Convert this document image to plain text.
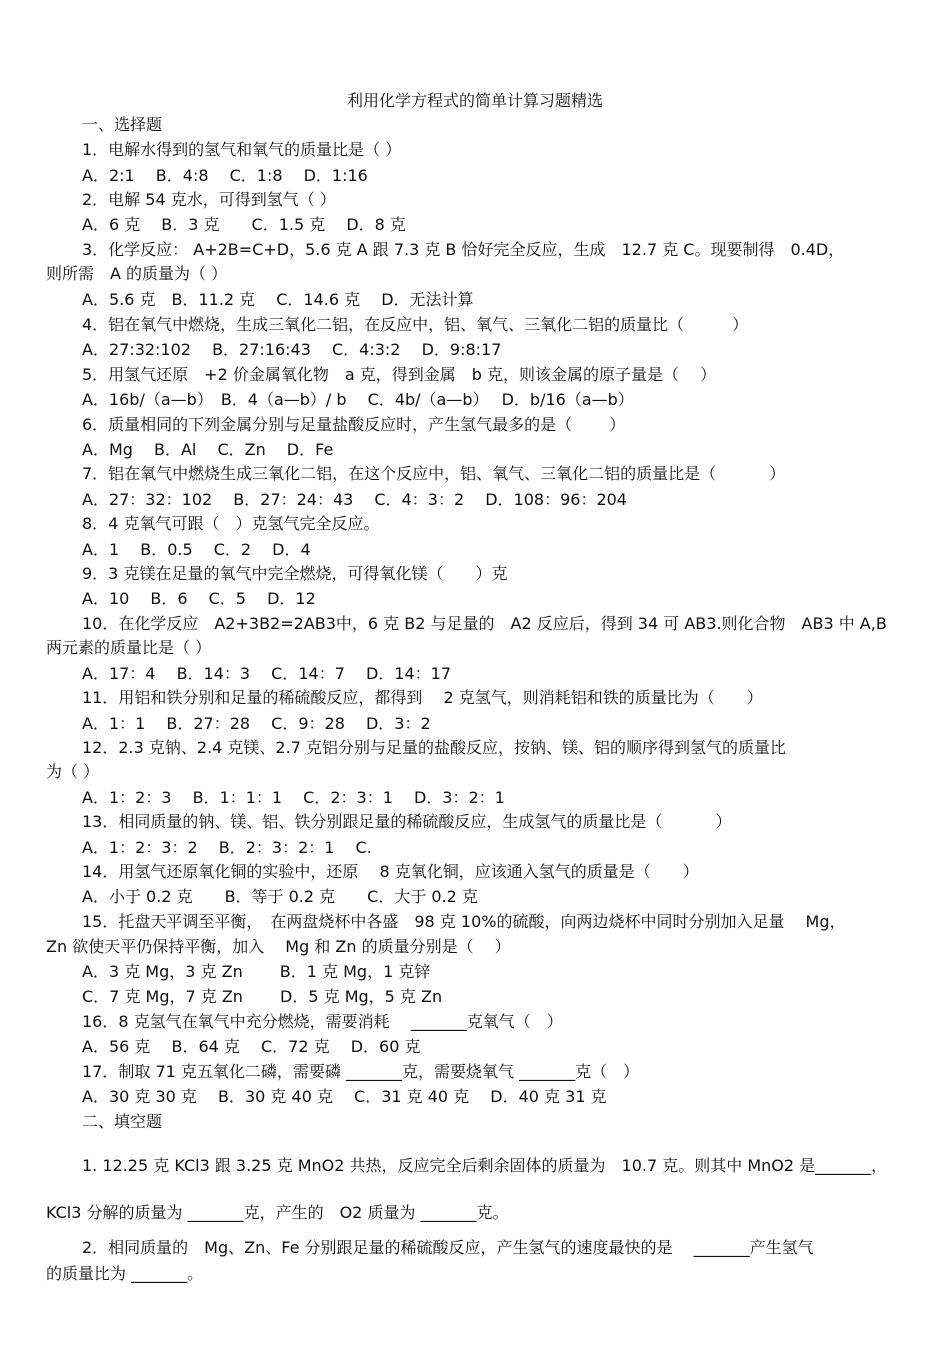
利用化学方程式的简单计算习题精选
一、选择题
1．电解水得到的氢气和氧气的质量比是（ ）
A．2:1　 B．4:8　 C．1:8　 D．1:16
2．电解 54 克水，可得到氢气（ ）
A．6 克　 B．3 克　　C．1.5 克　 D．8 克
3．化学反应： A+2B=C+D，5.6 克 A 跟 7.3 克 B 恰好完全反应，生成　12.7 克 C。现要制得　0.4D，
则所需　A 的质量为（ ）
A．5.6 克　B．11.2 克　 C．14.6 克　 D．无法计算
4．铝在氧气中燃烧，生成三氧化二铝，在反应中，铝、氧气、三氧化二铝的质量比（　　　）
A．27:32:102　 B．27:16:43　 C．4:3:2　 D．9:8:17
5．用氢气还原　+2 价金属氧化物　a 克，得到金属　b 克，则该金属的原子量是（　 ）
A．16b/（a—b）　B．4（a—b）/ b　 C．4b/（a—b）　 D．b/16（a—b）
6．质量相同的下列金属分别与足量盐酸反应时，产生氢气最多的是（　　 ）
A．Mg　 B．Al　 C．Zn　 D．Fe
7．铝在氧气中燃烧生成三氧化二铝，在这个反应中，铝、氧气、三氧化二铝的质量比是（　　　 ）
A．27：32：102　 B．27：24：43　 C．4：3：2　 D．108：96：204
8．4 克氧气可跟（　）克氢气完全反应。
A．1　 B．0.5　 C．2　 D．4
9．3 克镁在足量的氧气中完全燃烧，可得氧化镁（　　）克
A．10　 B．6　 C．5　 D．12
10．在化学反应　A2+3B2=2AB3中，6 克 B2 与足量的　A2 反应后，得到 34 可 AB3.则化合物　AB3 中 A,B
两元素的质量比是（ ）
A．17：4　 B．14：3　 C．14：7　 D．14：17
11．用铝和铁分别和足量的稀硫酸反应，都得到　 2 克氢气，则消耗铝和铁的质量比为（　　）
A．1：1　 B．27：28　 C．9：28　 D．3：2
12．2.3 克钠、2.4 克镁、2.7 克铝分别与足量的盐酸反应，按钠、镁、铝的顺序得到氢气的质量比
为（ ）
A．1：2：3　 B．1：1：1　 C．2：3：1　 D．3：2：1
13．相同质量的钠、镁、铝、铁分别跟足量的稀硫酸反应，生成氢气的质量比是（　　　 ）
A．1：2：3：2　 B．2：3：2：1　 C.
14．用氢气还原氧化铜的实验中，还原　 8 克氧化铜，应该通入氢气的质量是（　　）
A．小于 0.2 克　　B．等于 0.2 克　　C．大于 0.2 克
15．托盘天平调至平衡，　在两盘烧杯中各盛　98 克 10%的硫酸，向两边烧杯中同时分别加入足量　 Mg，
Zn 欲使天平仍保持平衡，加入　 Mg 和 Zn 的质量分别是（　 ）
A．3 克 Mg，3 克 Zn　　 B．1 克 Mg，1 克锌
C．7 克 Mg，7 克 Zn　　 D．5 克 Mg，5 克 Zn
16．8 克氢气在氧气中充分燃烧，需要消耗　 _______克氧气（　）
A．56 克　 B．64 克　 C．72 克　 D．60 克
17．制取 71 克五氧化二磷，需要磷 _______克，需要烧氧气 _______克（　）
A．30 克 30 克　 B．30 克 40 克　 C．31 克 40 克　 D．40 克 31 克
二、填空题
1. 12.25 克 KCl3 跟 3.25 克 MnO2 共热，反应完全后剩余固体的质量为　10.7 克。则其中 MnO2 是_______，
KCl3 分解的质量为 _______克，产生的　O2 质量为 _______克。
2．相同质量的　Mg、Zn、Fe 分别跟足量的稀硫酸反应，产生氢气的速度最快的是　 _______产生氢气
的质量比为 _______。
